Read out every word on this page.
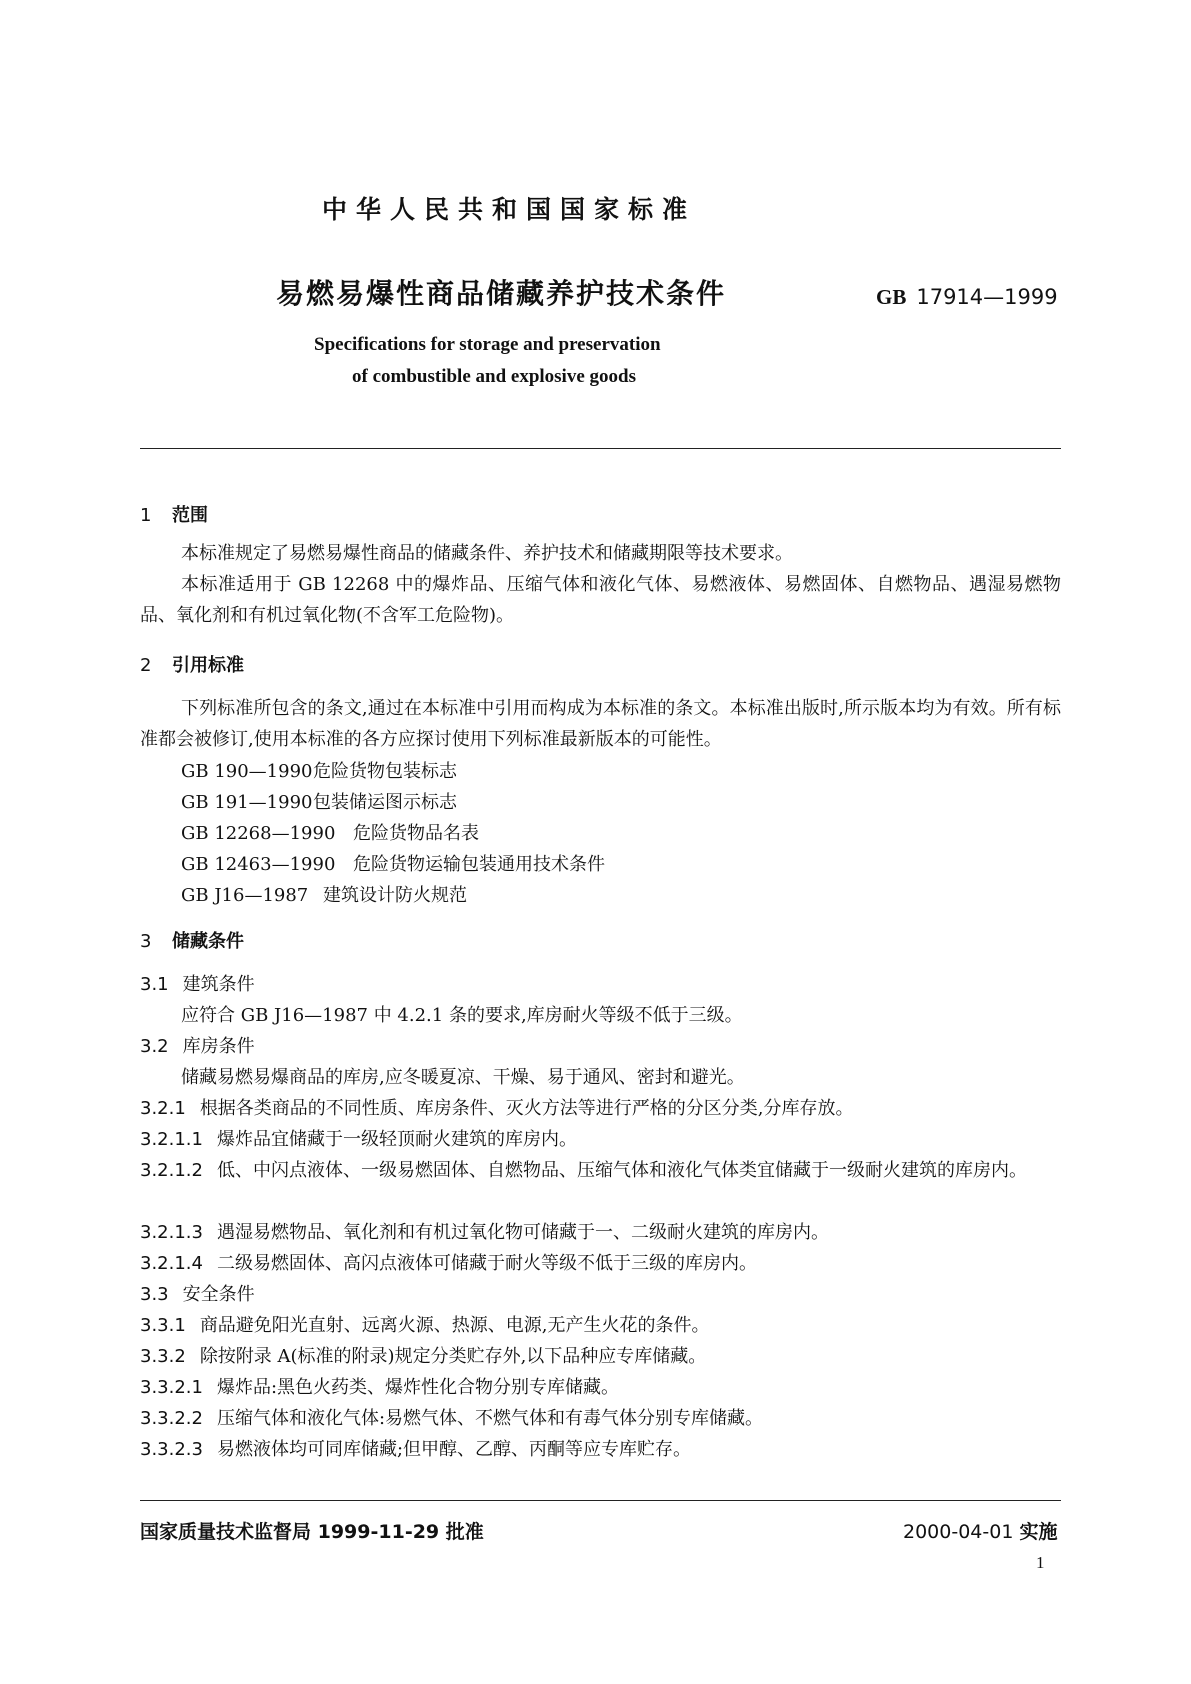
中华人民共和国国家标准
易燃易爆性商品储藏养护技术条件	GB 17914—1999
Specifications for storage and preservation
of combustible and explosive goods
1 范围
本标准规定了易燃易爆性商品的储藏条件、养护技术和储藏期限等技术要求。
本标准适用于 GB 12268 中的爆炸品、压缩气体和液化气体、易燃液体、易燃固体、自燃物品、遇湿易燃物品、氧化剂和有机过氧化物(不含军工危险物)。
2 引用标准
下列标准所包含的条文,通过在本标准中引用而构成为本标准的条文。本标准出版时,所示版本均为有效。所有标准都会被修订,使用本标准的各方应探讨使用下列标准最新版本的可能性。
GB 190—1990危险货物包装标志
GB 191—1990包装储运图示标志
GB 12268—1990 危险货物品名表
GB 12463—1990 危险货物运输包装通用技术条件
GB J16—1987 建筑设计防火规范
3 储藏条件
3.1 建筑条件
应符合 GB J16—1987 中 4.2.1 条的要求,库房耐火等级不低于三级。
3.2 库房条件
储藏易燃易爆商品的库房,应冬暖夏凉、干燥、易于通风、密封和避光。
3.2.1 根据各类商品的不同性质、库房条件、灭火方法等进行严格的分区分类,分库存放。
3.2.1.1 爆炸品宜储藏于一级轻顶耐火建筑的库房内。
3.2.1.2 低、中闪点液体、一级易燃固体、自燃物品、压缩气体和液化气体类宜储藏于一级耐火建筑的库房内。
3.2.1.3 遇湿易燃物品、氧化剂和有机过氧化物可储藏于一、二级耐火建筑的库房内。
3.2.1.4 二级易燃固体、高闪点液体可储藏于耐火等级不低于三级的库房内。
3.3 安全条件
3.3.1 商品避免阳光直射、远离火源、热源、电源,无产生火花的条件。
3.3.2 除按附录 A(标准的附录)规定分类贮存外,以下品种应专库储藏。
3.3.2.1 爆炸品:黑色火药类、爆炸性化合物分别专库储藏。
3.3.2.2 压缩气体和液化气体:易燃气体、不燃气体和有毒气体分别专库储藏。
3.3.2.3 易燃液体均可同库储藏;但甲醇、乙醇、丙酮等应专库贮存。
国家质量技术监督局 1999-11-29 批准	2000-04-01 实施
1
